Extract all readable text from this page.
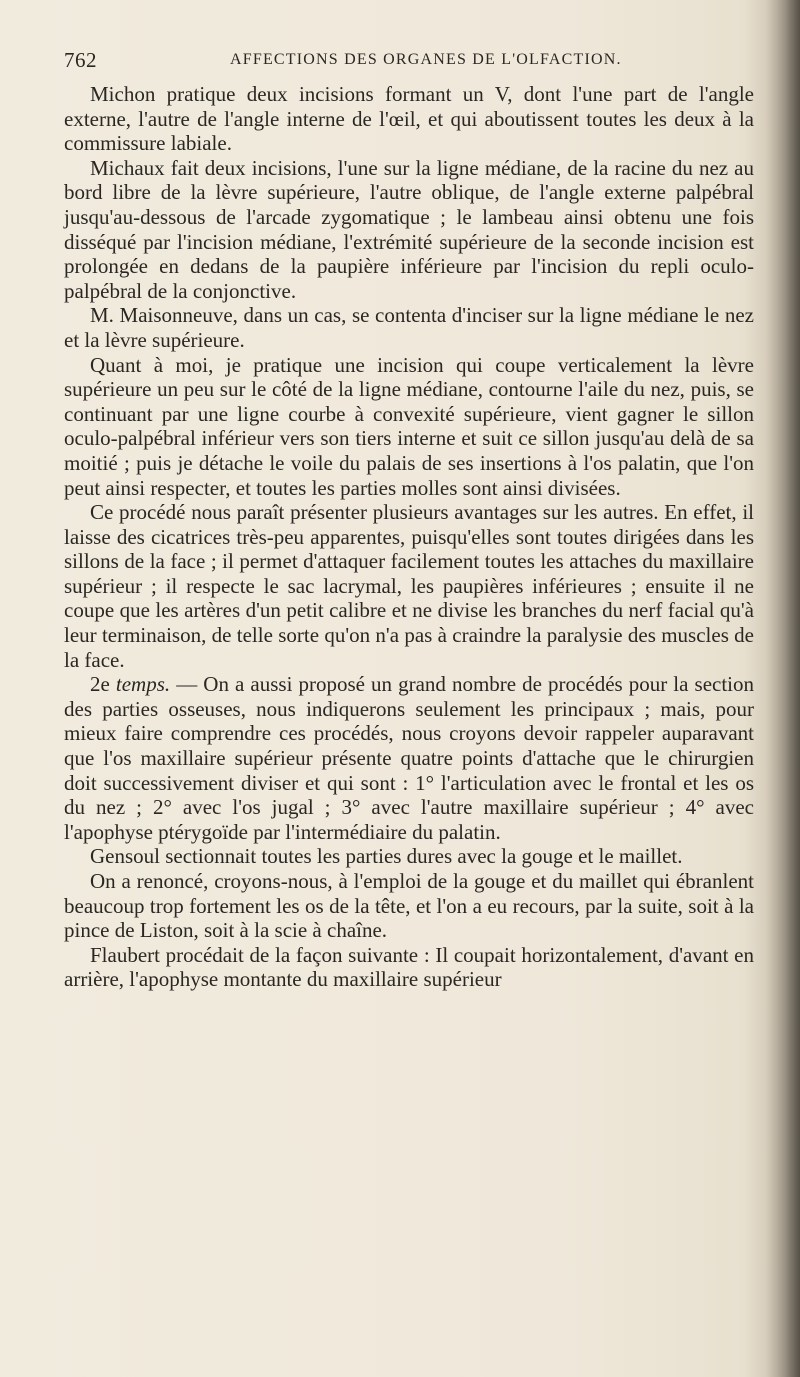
762	AFFECTIONS DES ORGANES DE L'OLFACTION.

Michon pratique deux incisions formant un V, dont l'une part de l'angle externe, l'autre de l'angle interne de l'œil, et qui aboutissent toutes les deux à la commissure labiale.

Michaux fait deux incisions, l'une sur la ligne médiane, de la racine du nez au bord libre de la lèvre supérieure, l'autre oblique, de l'angle externe palpébral jusqu'au-dessous de l'arcade zygomatique ; le lambeau ainsi obtenu une fois disséqué par l'incision médiane, l'extrémité supérieure de la seconde incision est prolongée en dedans de la paupière inférieure par l'incision du repli oculo-palpébral de la conjonctive.

M. Maisonneuve, dans un cas, se contenta d'inciser sur la ligne médiane le nez et la lèvre supérieure.

Quant à moi, je pratique une incision qui coupe verticalement la lèvre supérieure un peu sur le côté de la ligne médiane, contourne l'aile du nez, puis, se continuant par une ligne courbe à convexité supérieure, vient gagner le sillon oculo-palpébral inférieur vers son tiers interne et suit ce sillon jusqu'au delà de sa moitié ; puis je détache le voile du palais de ses insertions à l'os palatin, que l'on peut ainsi respecter, et toutes les parties molles sont ainsi divisées.

Ce procédé nous paraît présenter plusieurs avantages sur les autres. En effet, il laisse des cicatrices très-peu apparentes, puisqu'elles sont toutes dirigées dans les sillons de la face ; il permet d'attaquer facilement toutes les attaches du maxillaire supérieur ; il respecte le sac lacrymal, les paupières inférieures ; ensuite il ne coupe que les artères d'un petit calibre et ne divise les branches du nerf facial qu'à leur terminaison, de telle sorte qu'on n'a pas à craindre la paralysie des muscles de la face.

2e temps. — On a aussi proposé un grand nombre de procédés pour la section des parties osseuses, nous indiquerons seulement les principaux ; mais, pour mieux faire comprendre ces procédés, nous croyons devoir rappeler auparavant que l'os maxillaire supérieur présente quatre points d'attache que le chirurgien doit successivement diviser et qui sont : 1° l'articulation avec le frontal et les os du nez ; 2° avec l'os jugal ; 3° avec l'autre maxillaire supérieur ; 4° avec l'apophyse ptérygoïde par l'intermédiaire du palatin.

Gensoul sectionnait toutes les parties dures avec la gouge et le maillet.

On a renoncé, croyons-nous, à l'emploi de la gouge et du maillet qui ébranlent beaucoup trop fortement les os de la tête, et l'on a eu recours, par la suite, soit à la pince de Liston, soit à la scie à chaîne.

Flaubert procédait de la façon suivante : Il coupait horizontalement, d'avant en arrière, l'apophyse montante du maxillaire supérieur
